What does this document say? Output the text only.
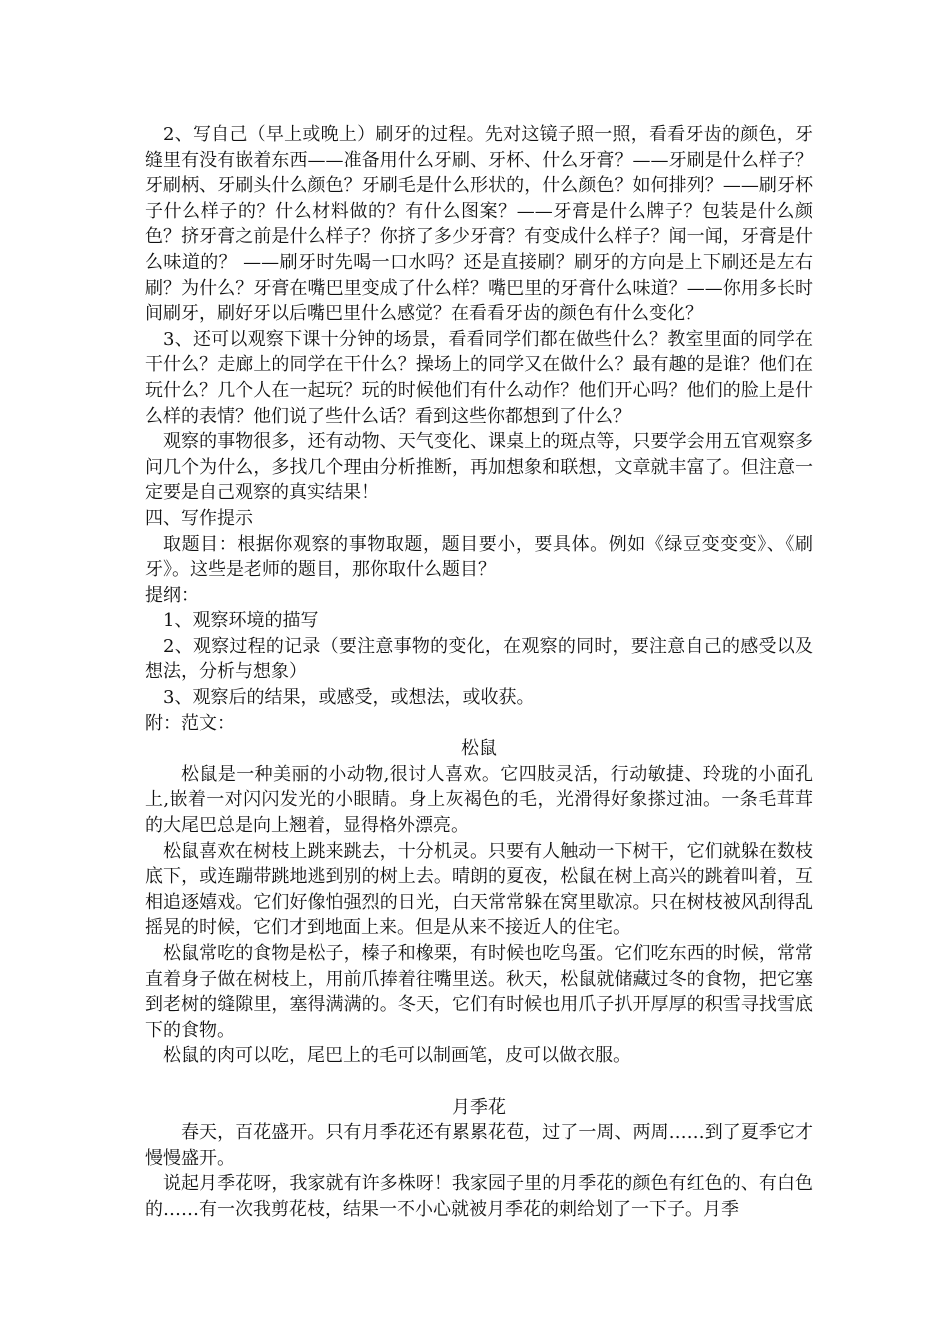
2、写自己（早上或晚上）刷牙的过程。先对这镜子照一照，看看牙齿的颜色，牙缝里有没有嵌着东西——准备用什么牙刷、牙杯、什么牙膏？——牙刷是什么样子？牙刷柄、牙刷头什么颜色？牙刷毛是什么形状的，什么颜色？如何排列？——刷牙杯子什么样子的？什么材料做的？有什么图案？——牙膏是什么牌子？包装是什么颜色？挤牙膏之前是什么样子？你挤了多少牙膏？有变成什么样子？闻一闻，牙膏是什么味道的？ ——刷牙时先喝一口水吗？还是直接刷？刷牙的方向是上下刷还是左右刷？为什么？牙膏在嘴巴里变成了什么样？嘴巴里的牙膏什么味道？——你用多长时间刷牙，刷好牙以后嘴巴里什么感觉？在看看牙齿的颜色有什么变化？

3、还可以观察下课十分钟的场景，看看同学们都在做些什么？教室里面的同学在干什么？走廊上的同学在干什么？操场上的同学又在做什么？最有趣的是谁？他们在玩什么？几个人在一起玩？玩的时候他们有什么动作？他们开心吗？他们的脸上是什么样的表情？他们说了些什么话？看到这些你都想到了什么？

观察的事物很多，还有动物、天气变化、课桌上的斑点等，只要学会用五官观察多问几个为什么，多找几个理由分析推断，再加想象和联想，文章就丰富了。但注意一定要是自己观察的真实结果！

四、写作提示

取题目：根据你观察的事物取题，题目要小，要具体。例如《绿豆变变变》、《刷牙》。这些是老师的题目，那你取什么题目？

提纲：

1、观察环境的描写

2、观察过程的记录（要注意事物的变化，在观察的同时，要注意自己的感受以及想法，分析与想象）

3、观察后的结果，或感受，或想法，或收获。

附：范文：

松鼠

松鼠是一种美丽的小动物,很讨人喜欢。它四肢灵活，行动敏捷、玲珑的小面孔上,嵌着一对闪闪发光的小眼睛。身上灰褐色的毛，光滑得好象搽过油。一条毛茸茸的大尾巴总是向上翘着，显得格外漂亮。

松鼠喜欢在树枝上跳来跳去，十分机灵。只要有人触动一下树干，它们就躲在数枝底下，或连蹦带跳地逃到别的树上去。晴朗的夏夜，松鼠在树上高兴的跳着叫着，互相追逐嬉戏。它们好像怕强烈的日光，白天常常躲在窝里歇凉。只在树枝被风刮得乱摇晃的时候，它们才到地面上来。但是从来不接近人的住宅。

松鼠常吃的食物是松子，榛子和橡栗，有时候也吃鸟蛋。它们吃东西的时候，常常直着身子做在树枝上，用前爪捧着往嘴里送。秋天，松鼠就储藏过冬的食物，把它塞到老树的缝隙里，塞得满满的。冬天，它们有时候也用爪子扒开厚厚的积雪寻找雪底下的食物。

松鼠的肉可以吃，尾巴上的毛可以制画笔，皮可以做衣服。

月季花

春天，百花盛开。只有月季花还有累累花苞，过了一周、两周……到了夏季它才慢慢盛开。

说起月季花呀，我家就有许多株呀！我家园子里的月季花的颜色有红色的、有白色的……有一次我剪花枝，结果一不小心就被月季花的刺给划了一下子。月季
